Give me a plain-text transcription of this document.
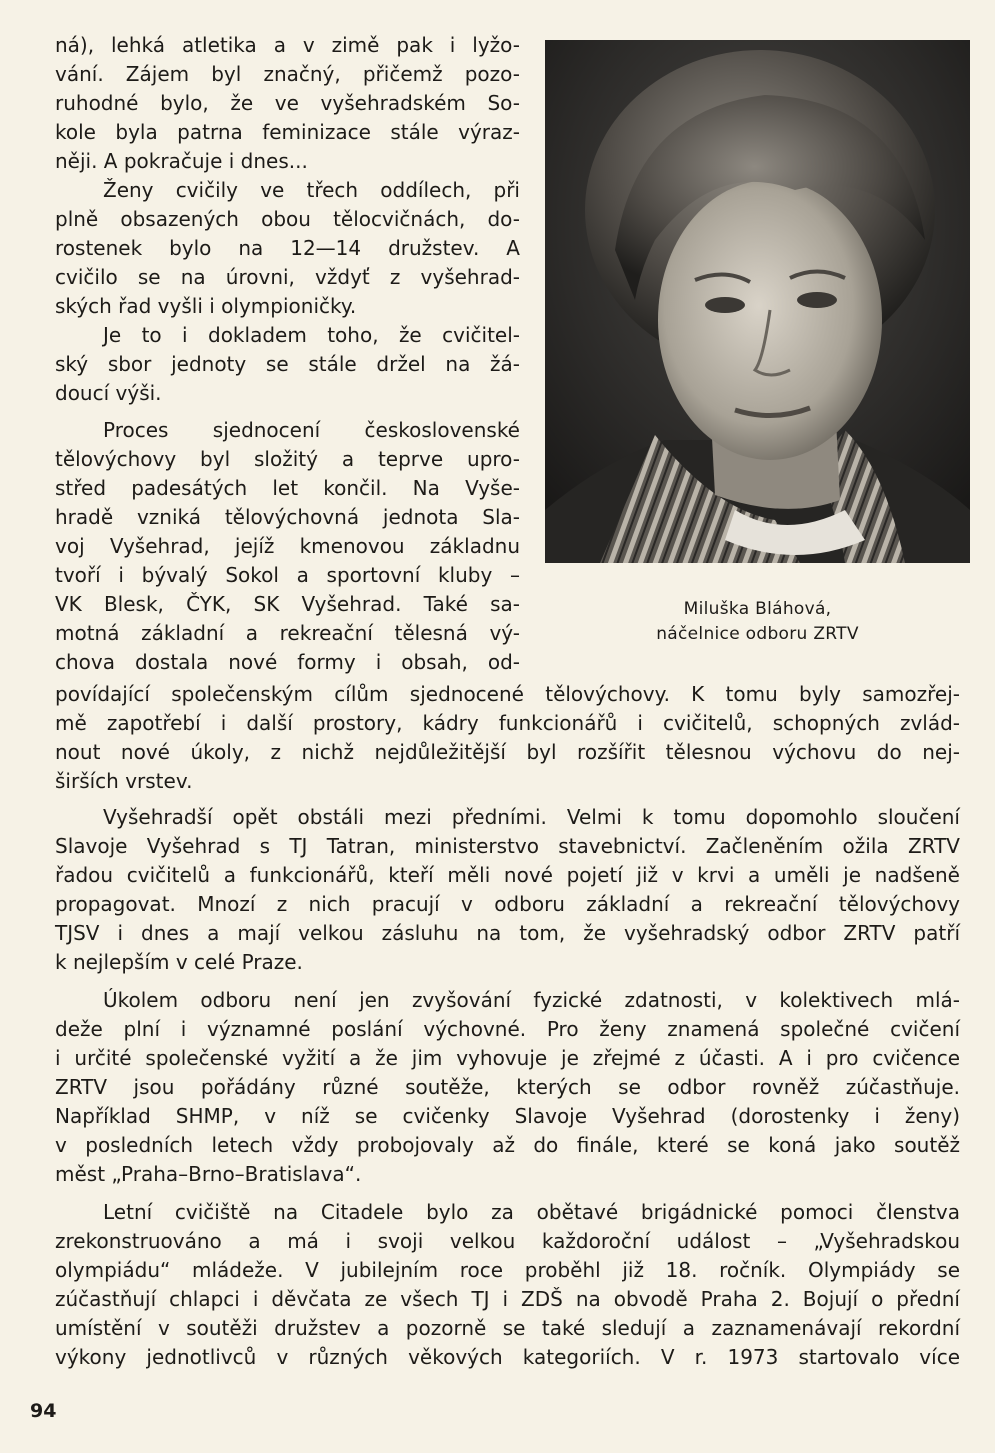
ná), lehká atletika a v zimě pak i lyžo-
vání. Zájem byl značný, přičemž pozo-
ruhodné bylo, že ve vyšehradském So-
kole byla patrna feminizace stále výraz-
něji. A pokračuje i dnes...
Ženy cvičily ve třech oddílech, při
plně obsazených obou tělocvičnách, do-
rostenek bylo na 12—14 družstev. A
cvičilo se na úrovni, vždyť z vyšehrad-
ských řad vyšli i olympioničky.
Je to i dokladem toho, že cvičitel-
ský sbor jednoty se stále držel na žá-
doucí výši.
Proces sjednocení československé
tělovýchovy byl složitý a teprve upro-
střed padesátých let končil. Na Vyše-
hradě vzniká tělovýchovná jednota Sla-
voj Vyšehrad, jejíž kmenovou základnu
tvoří i bývalý Sokol a sportovní kluby –
VK Blesk, ČYK, SK Vyšehrad. Také sa-
motná základní a rekreační tělesná vý-
chova dostala nové formy i obsah, od-
Miluška Bláhová,
náčelnice odboru ZRTV
povídající společenským cílům sjednocené tělovýchovy. K tomu byly samozřej-
mě zapotřebí i další prostory, kádry funkcionářů i cvičitelů, schopných zvlád-
nout nové úkoly, z nichž nejdůležitější byl rozšířit tělesnou výchovu do nej-
širších vrstev.
Vyšehradší opět obstáli mezi předními. Velmi k tomu dopomohlo sloučení
Slavoje Vyšehrad s TJ Tatran, ministerstvo stavebnictví. Začleněním ožila ZRTV
řadou cvičitelů a funkcionářů, kteří měli nové pojetí již v krvi a uměli je nadšeně
propagovat. Mnozí z nich pracují v odboru základní a rekreační tělovýchovy
TJSV i dnes a mají velkou zásluhu na tom, že vyšehradský odbor ZRTV patří
k nejlepším v celé Praze.
Úkolem odboru není jen zvyšování fyzické zdatnosti, v kolektivech mlá-
deže plní i významné poslání výchovné. Pro ženy znamená společné cvičení
i určité společenské vyžití a že jim vyhovuje je zřejmé z účasti. A i pro cvičence
ZRTV jsou pořádány různé soutěže, kterých se odbor rovněž zúčastňuje.
Například SHMP, v níž se cvičenky Slavoje Vyšehrad (dorostenky i ženy)
v posledních letech vždy probojovaly až do finále, které se koná jako soutěž
měst „Praha–Brno–Bratislava“.
Letní cvičiště na Citadele bylo za obětavé brigádnické pomoci členstva
zrekonstruováno a má i svoji velkou každoroční událost – „Vyšehradskou
olympiádu“ mládeže. V jubilejním roce proběhl již 18. ročník. Olympiády se
zúčastňují chlapci i děvčata ze všech TJ i ZDŠ na obvodě Praha 2. Bojují o přední
umístění v soutěži družstev a pozorně se také sledují a zaznamenávají rekordní
výkony jednotlivců v různých věkových kategoriích. V r. 1973 startovalo více
94
